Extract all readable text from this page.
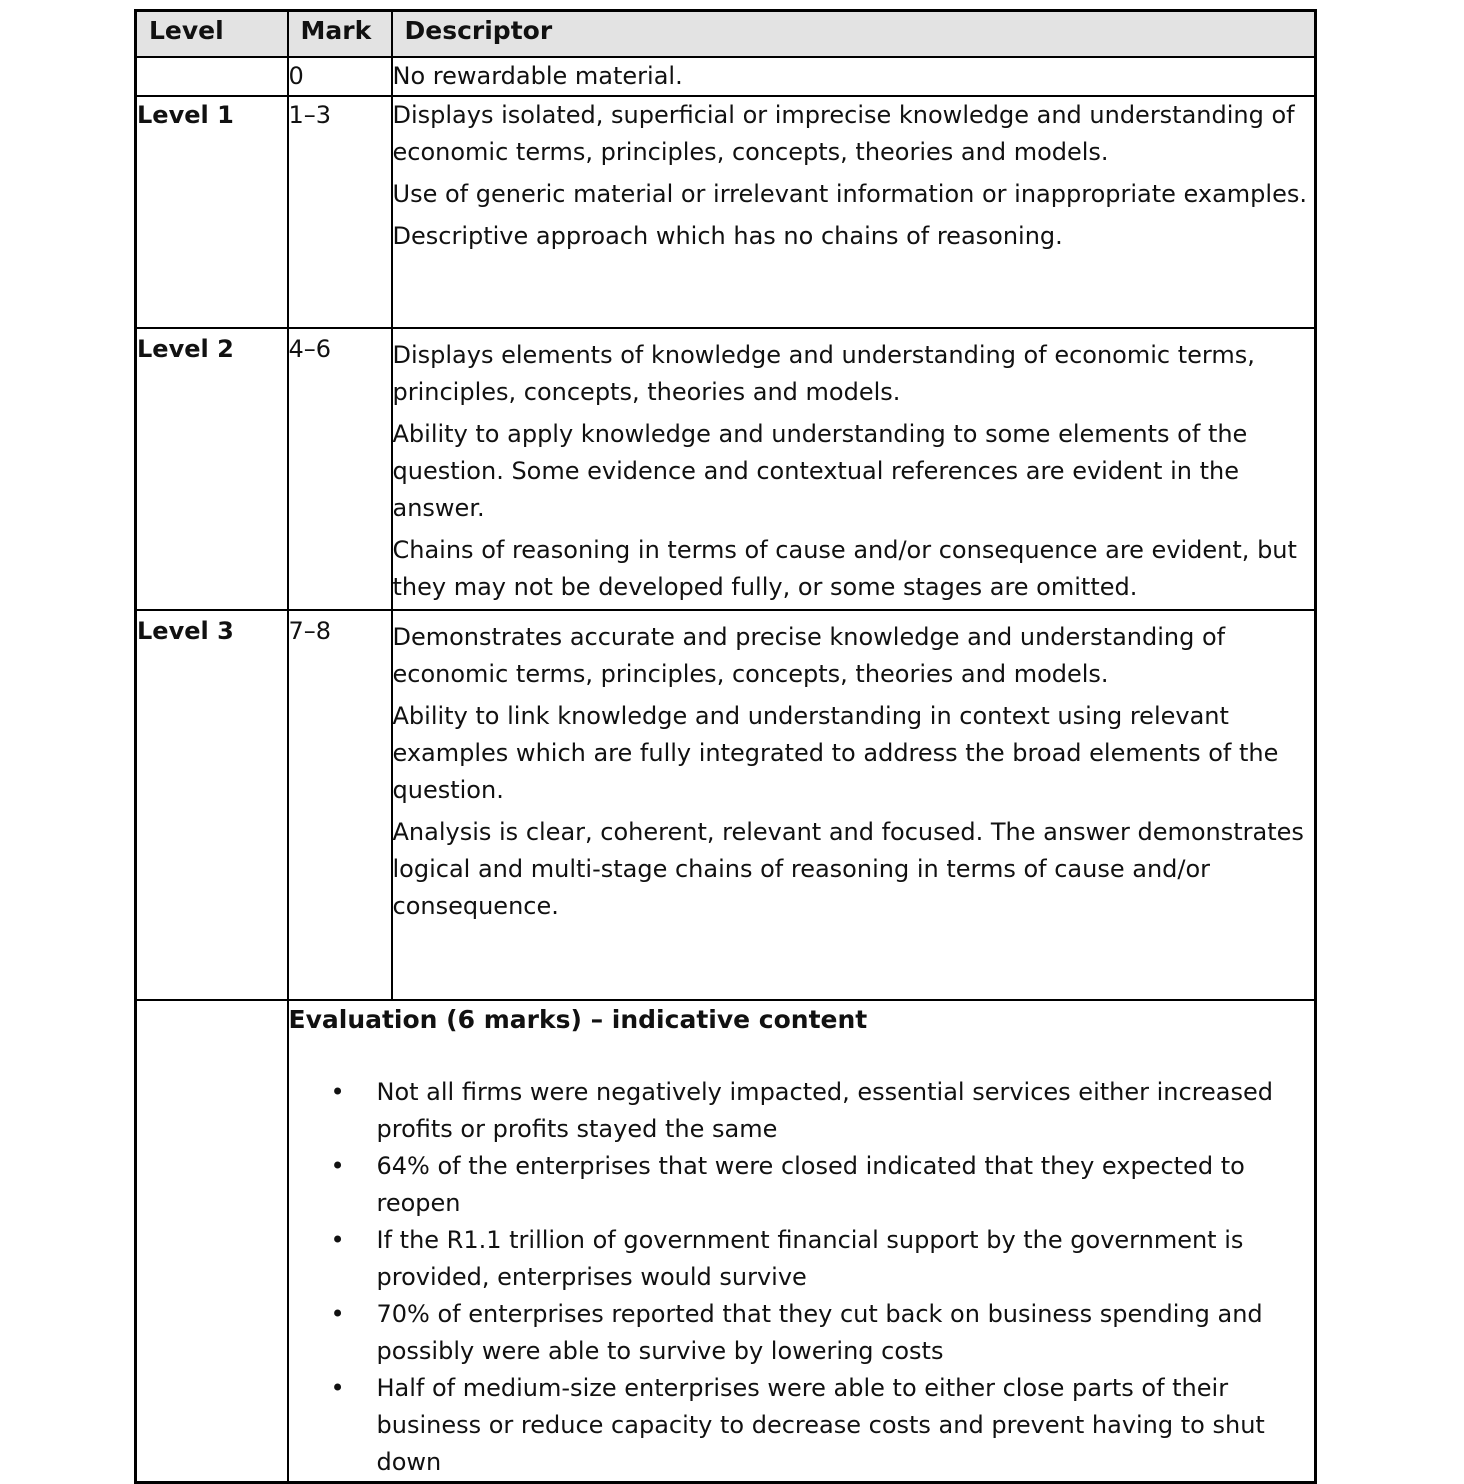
Level	Mark	Descriptor
	0	No rewardable material.

Level 1	1–3	Displays isolated, superficial or imprecise knowledge and understanding of economic terms, principles, concepts, theories and models.

Use of generic material or irrelevant information or inappropriate examples.

Descriptive approach which has no chains of reasoning.

Level 2	4–6	Displays elements of knowledge and understanding of economic terms, principles, concepts, theories and models.

Ability to apply knowledge and understanding to some elements of the question. Some evidence and contextual references are evident in the answer.

Chains of reasoning in terms of cause and/or consequence are evident, but they may not be developed fully, or some stages are omitted.

Level 3	7–8	Demonstrates accurate and precise knowledge and understanding of economic terms, principles, concepts, theories and models.

Ability to link knowledge and understanding in context using relevant examples which are fully integrated to address the broad elements of the question.

Analysis is clear, coherent, relevant and focused. The answer demonstrates logical and multi-stage chains of reasoning in terms of cause and/or consequence.

Evaluation (6 marks) – indicative content
• Not all firms were negatively impacted, essential services either increased profits or profits stayed the same
• 64% of the enterprises that were closed indicated that they expected to reopen
• If the R1.1 trillion of government financial support by the government is provided, enterprises would survive
• 70% of enterprises reported that they cut back on business spending and possibly were able to survive by lowering costs
• Half of medium-size enterprises were able to either close parts of their business or reduce capacity to decrease costs and prevent having to shut down
